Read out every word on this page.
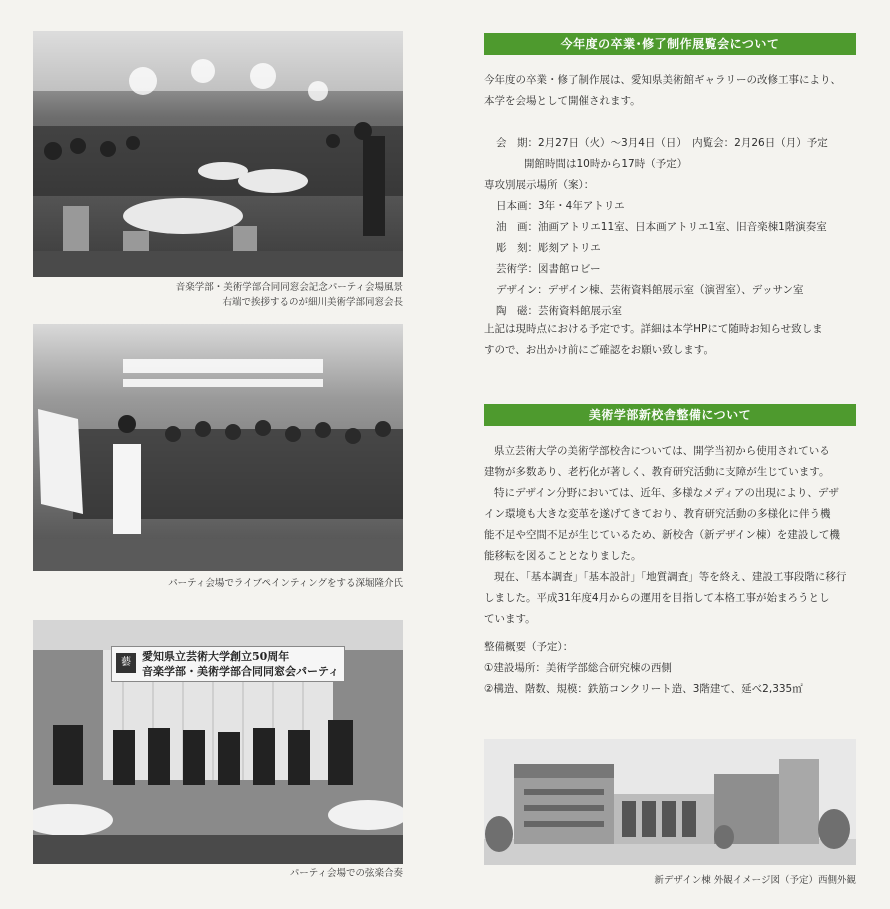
音楽学部・美術学部合同同窓会記念パーティ会場風景
右端で挨拶するのが細川美術学部同窓会長
パーティ会場でライブペインティングをする深堀隆介氏
藝	愛知県立芸術大学創立50周年
音楽学部・美術学部合同同窓会パーティ
パーティ会場での弦楽合奏
今年度の卒業･修了制作展覧会について
今年度の卒業・修了制作展は、愛知県美術館ギャラリーの改修工事により、
本学を会場として開催されます。
会　期：2月27日（火）～3月4日（日）　内覧会：2月26日（月）予定
開館時間は10時から17時（予定）
専攻別展示場所（案）：
日本画：3年・4年アトリエ
油　画：油画アトリエ11室、日本画アトリエ1室、旧音楽棟1階演奏室
彫　刻：彫刻アトリエ
芸術学：図書館ロビー
デザイン：デザイン棟、芸術資料館展示室（演習室）、デッサン室
陶　磁：芸術資料館展示室
上記は現時点における予定です。詳細は本学HPにて随時お知らせ致しま
すので、お出かけ前にご確認をお願い致します。
美術学部新校舎整備について
県立芸術大学の美術学部校舎については、開学当初から使用されている
建物が多数あり、老朽化が著しく、教育研究活動に支障が生じています。
特にデザイン分野においては、近年、多様なメディアの出現により、デザ
イン環境も大きな変革を遂げてきており、教育研究活動の多様化に伴う機
能不足や空間不足が生じているため、新校舎（新デザイン棟）を建設して機
能移転を図ることとなりました。
現在、「基本調査」「基本設計」「地質調査」等を終え、建設工事段階に移行
しました。平成31年度4月からの運用を目指して本格工事が始まろうとし
ています。
整備概要（予定）：
①建設場所：美術学部総合研究棟の西側
②構造、階数、規模：鉄筋コンクリート造、3階建て、延べ2,335㎡
新デザイン棟 外観イメージ図（予定）西側外観
